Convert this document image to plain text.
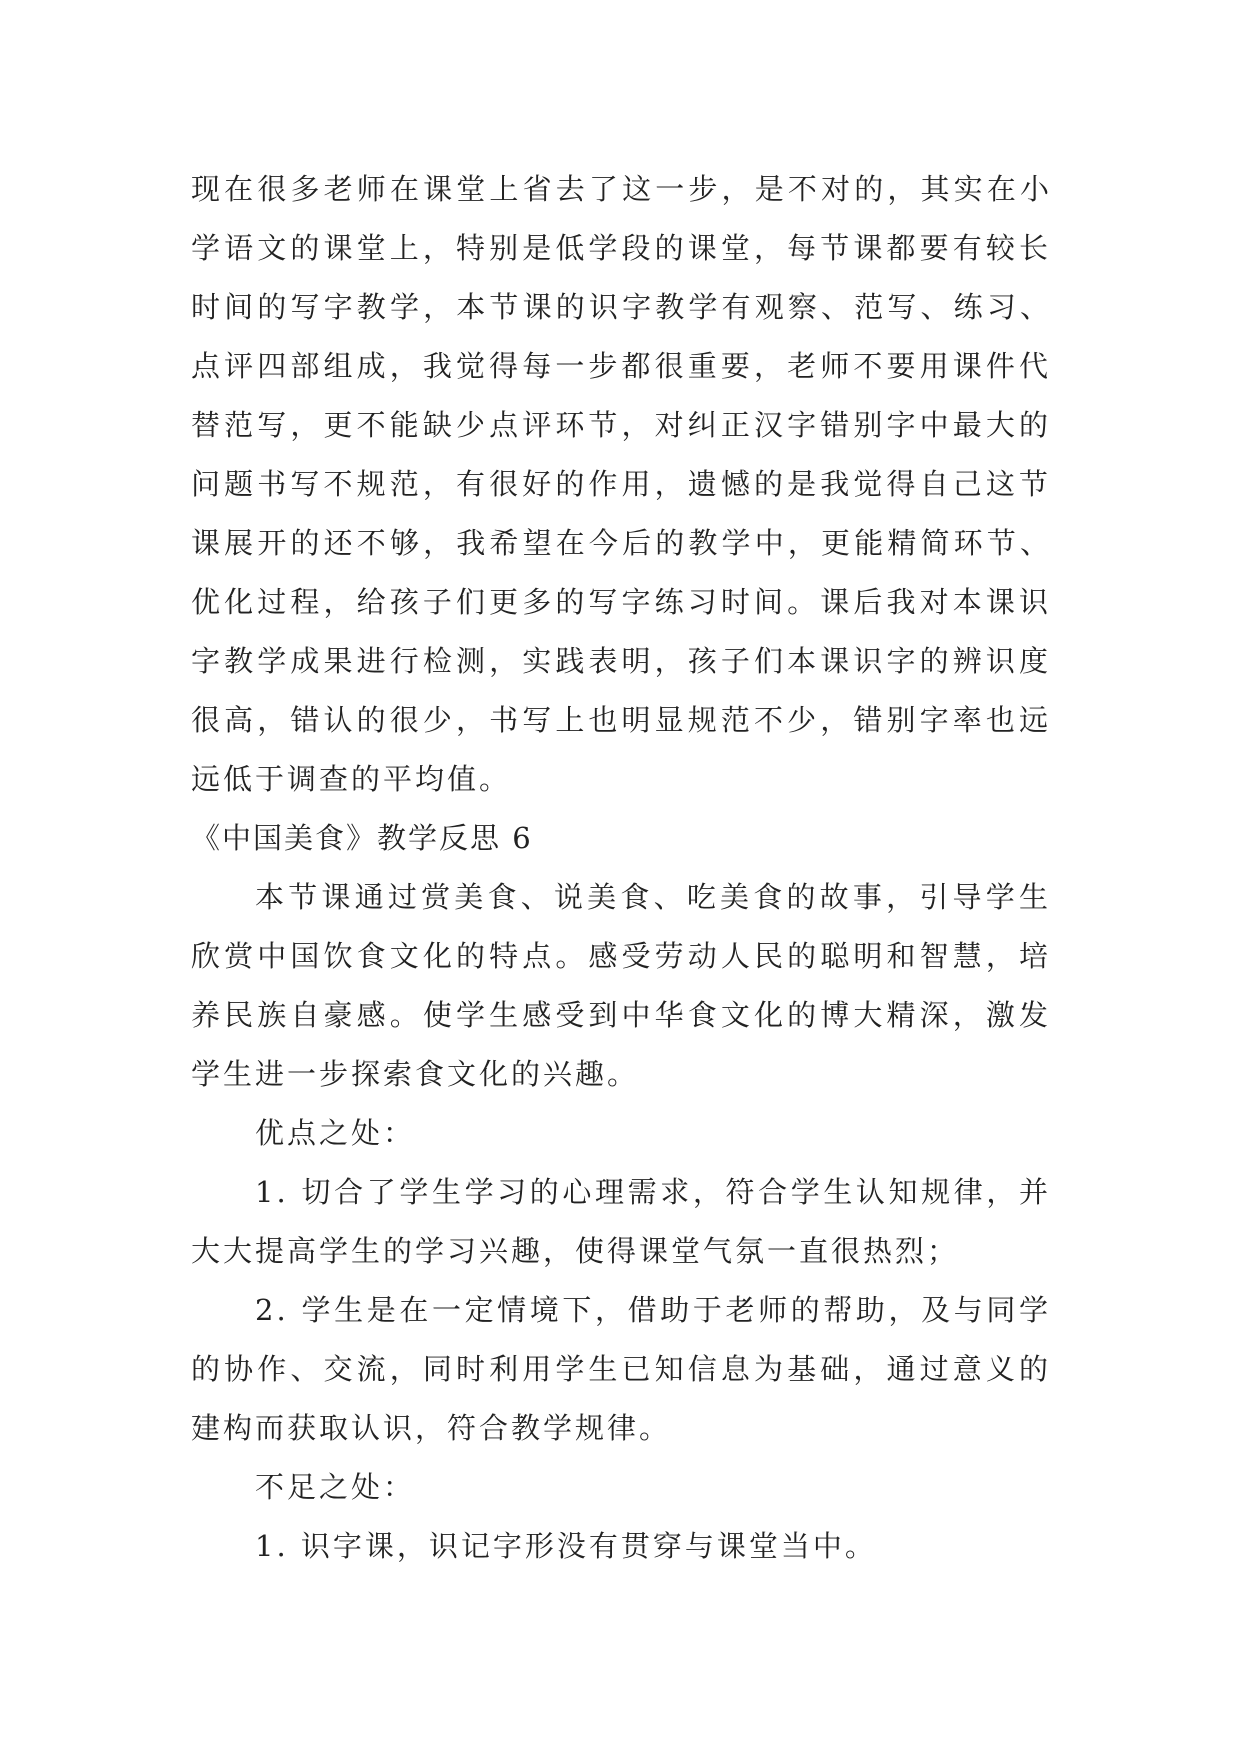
现在很多老师在课堂上省去了这一步，是不对的，其实在小
学语文的课堂上，特别是低学段的课堂，每节课都要有较长
时间的写字教学，本节课的识字教学有观察、范写、练习、
点评四部组成，我觉得每一步都很重要，老师不要用课件代
替范写，更不能缺少点评环节，对纠正汉字错别字中最大的
问题书写不规范，有很好的作用，遗憾的是我觉得自己这节
课展开的还不够，我希望在今后的教学中，更能精简环节、
优化过程，给孩子们更多的写字练习时间。课后我对本课识
字教学成果进行检测，实践表明，孩子们本课识字的辨识度
很高，错认的很少，书写上也明显规范不少，错别字率也远
远低于调查的平均值。
《中国美食》教学反思 6
本节课通过赏美食、说美食、吃美食的故事，引导学生
欣赏中国饮食文化的特点。感受劳动人民的聪明和智慧，培
养民族自豪感。使学生感受到中华食文化的博大精深，激发
学生进一步探索食文化的兴趣。
优点之处：
1. 切合了学生学习的心理需求，符合学生认知规律，并
大大提高学生的学习兴趣，使得课堂气氛一直很热烈；
2. 学生是在一定情境下，借助于老师的帮助，及与同学
的协作、交流，同时利用学生已知信息为基础，通过意义的
建构而获取认识，符合教学规律。
不足之处：
1. 识字课，识记字形没有贯穿与课堂当中。
